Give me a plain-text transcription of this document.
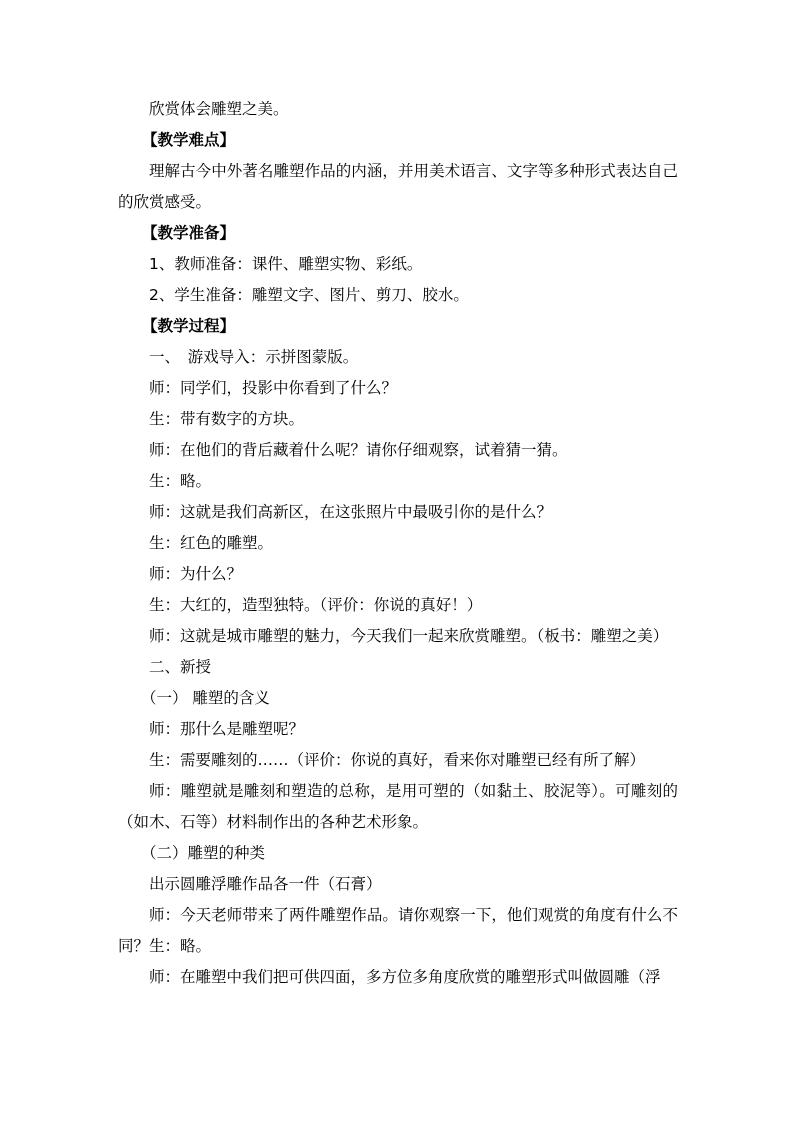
欣赏体会雕塑之美。
【教学难点】
理解古今中外著名雕塑作品的内涵，并用美术语言、文字等多种形式表达自己的欣赏感受。
【教学准备】
1、教师准备：课件、雕塑实物、彩纸。
2、学生准备：雕塑文字、图片、剪刀、胶水。
【教学过程】
一、　游戏导入：示拼图蒙版。
师：同学们，投影中你看到了什么？
生：带有数字的方块。
师：在他们的背后藏着什么呢？请你仔细观察，试着猜一猜。
生：略。
师：这就是我们高新区，在这张照片中最吸引你的是什么？
生：红色的雕塑。
师：为什么？
生：大红的，造型独特。（评价：你说的真好！）
师：这就是城市雕塑的魅力，今天我们一起来欣赏雕塑。（板书：雕塑之美）
二、新授
（一） 雕塑的含义
师：那什么是雕塑呢？
生：需要雕刻的……（评价：你说的真好，看来你对雕塑已经有所了解）
师：雕塑就是雕刻和塑造的总称，是用可塑的（如黏土、胶泥等）。可雕刻的（如木、石等）材料制作出的各种艺术形象。
（二）雕塑的种类
出示圆雕浮雕作品各一件（石膏）
师：今天老师带来了两件雕塑作品。请你观察一下，他们观赏的角度有什么不同？生：略。
师：在雕塑中我们把可供四面，多方位多角度欣赏的雕塑形式叫做圆雕（浮
